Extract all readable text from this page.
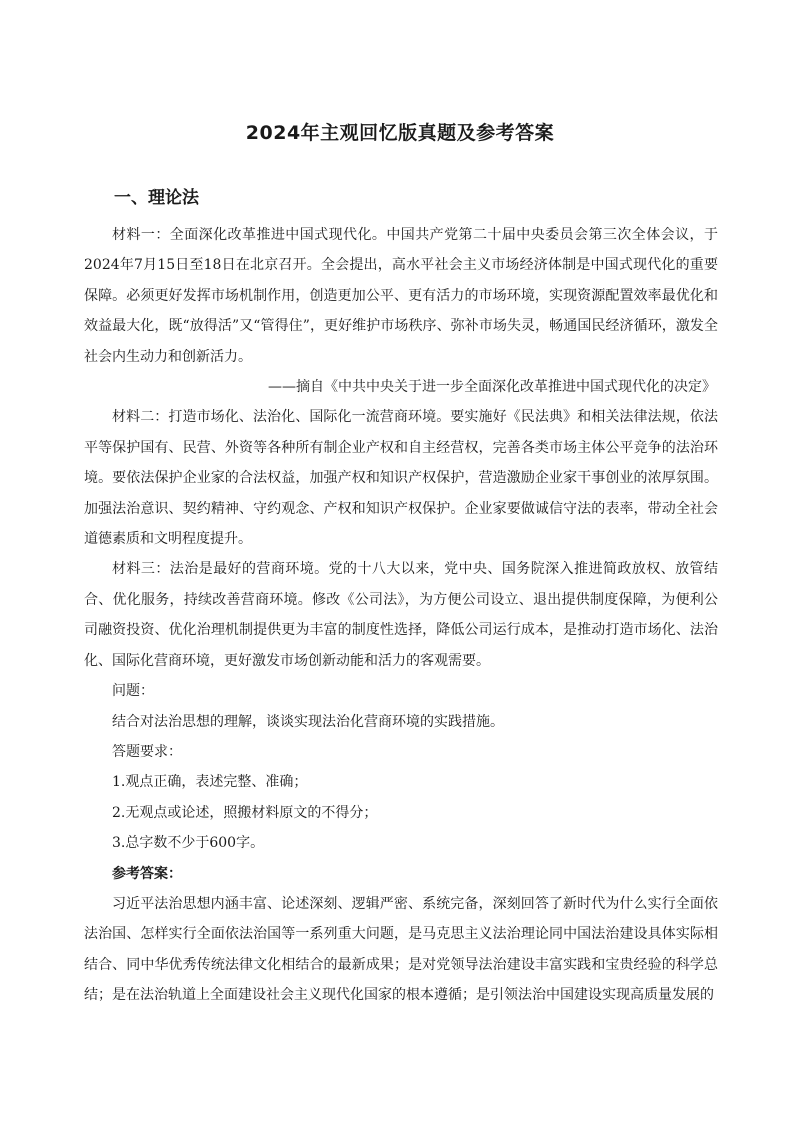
2024年主观回忆版真题及参考答案
一、理论法

材料一：全面深化改革推进中国式现代化。中国共产党第二十届中央委员会第三次全体会议，于2024年7月15日至18日在北京召开。全会提出，高水平社会主义市场经济体制是中国式现代化的重要保障。必须更好发挥市场机制作用，创造更加公平、更有活力的市场环境，实现资源配置效率最优化和效益最大化，既“放得活”又“管得住”，更好维护市场秩序、弥补市场失灵，畅通国民经济循环，激发全社会内生动力和创新活力。

——摘自《中共中央关于进一步全面深化改革推进中国式现代化的决定》

材料二：打造市场化、法治化、国际化一流营商环境。要实施好《民法典》和相关法律法规，依法平等保护国有、民营、外资等各种所有制企业产权和自主经营权，完善各类市场主体公平竞争的法治环境。要依法保护企业家的合法权益，加强产权和知识产权保护，营造激励企业家干事创业的浓厚氛围。加强法治意识、契约精神、守约观念、产权和知识产权保护。企业家要做诚信守法的表率，带动全社会道德素质和文明程度提升。

材料三：法治是最好的营商环境。党的十八大以来，党中央、国务院深入推进简政放权、放管结合、优化服务，持续改善营商环境。修改《公司法》，为方便公司设立、退出提供制度保障，为便利公司融资投资、优化治理机制提供更为丰富的制度性选择，降低公司运行成本，是推动打造市场化、法治化、国际化营商环境，更好激发市场创新动能和活力的客观需要。

问题：

结合对法治思想的理解，谈谈实现法治化营商环境的实践措施。

答题要求：

1.观点正确，表述完整、准确；

2.无观点或论述，照搬材料原文的不得分；

3.总字数不少于600字。

参考答案：

习近平法治思想内涵丰富、论述深刻、逻辑严密、系统完备，深刻回答了新时代为什么实行全面依法治国、怎样实行全面依法治国等一系列重大问题，是马克思主义法治理论同中国法治建设具体实际相结合、同中华优秀传统法律文化相结合的最新成果；是对党领导法治建设丰富实践和宝贵经验的科学总结；是在法治轨道上全面建设社会主义现代化国家的根本遵循；是引领法治中国建设实现高质量发展的
